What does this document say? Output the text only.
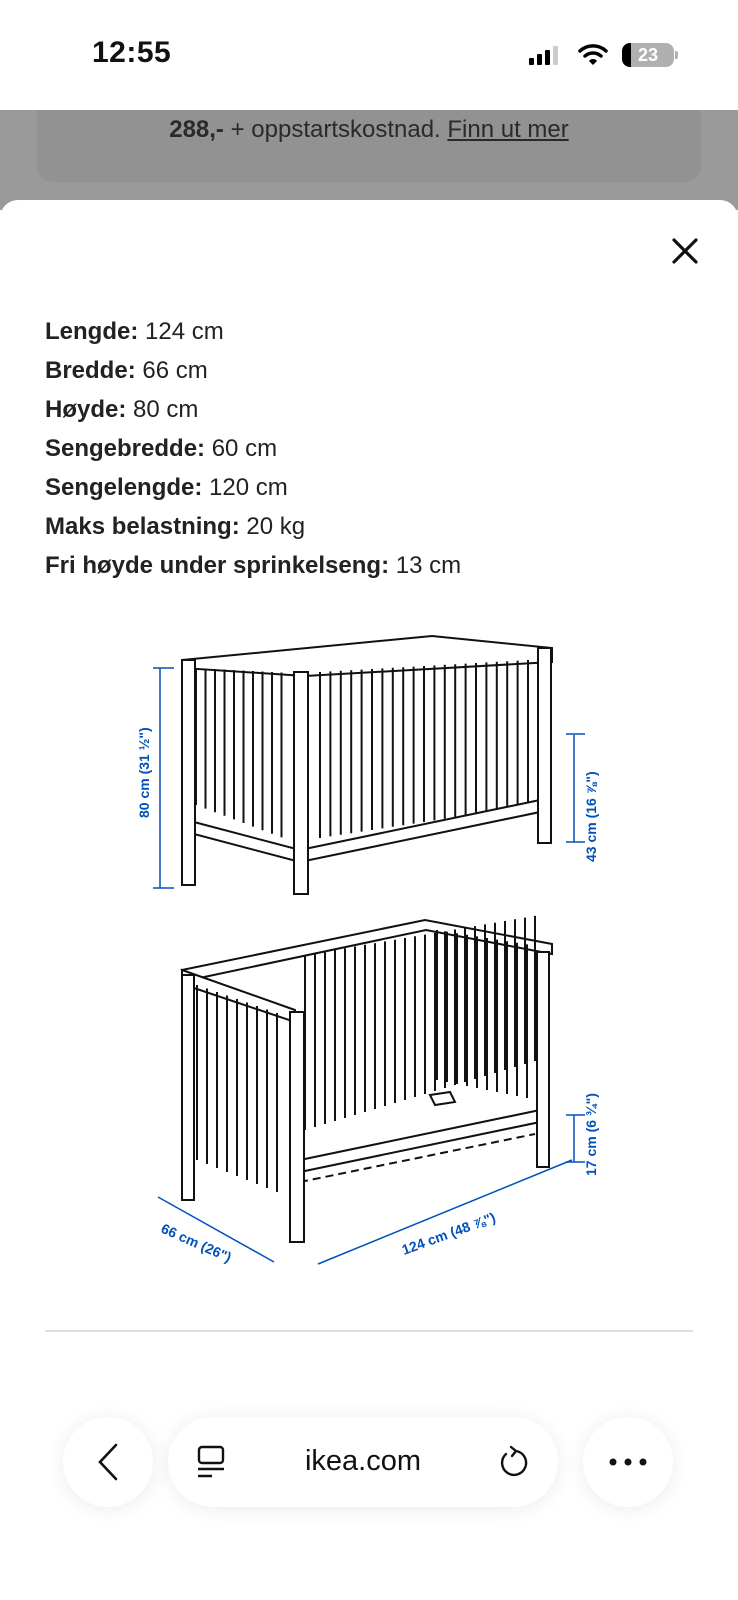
12:55	23
288,- + oppstartskostnad. Finn ut mer
Lengde: 124 cm
Bredde: 66 cm
Høyde: 80 cm
Sengebredde: 60 cm
Sengelengde: 120 cm
Maks belastning: 20 kg
Fri høyde under sprinkelseng: 13 cm
80 cm (31 ½")	43 cm (16 ⅞")
17 cm (6 ¾")
66 cm (26")	124 cm (48 ⅞")
ikea.com
